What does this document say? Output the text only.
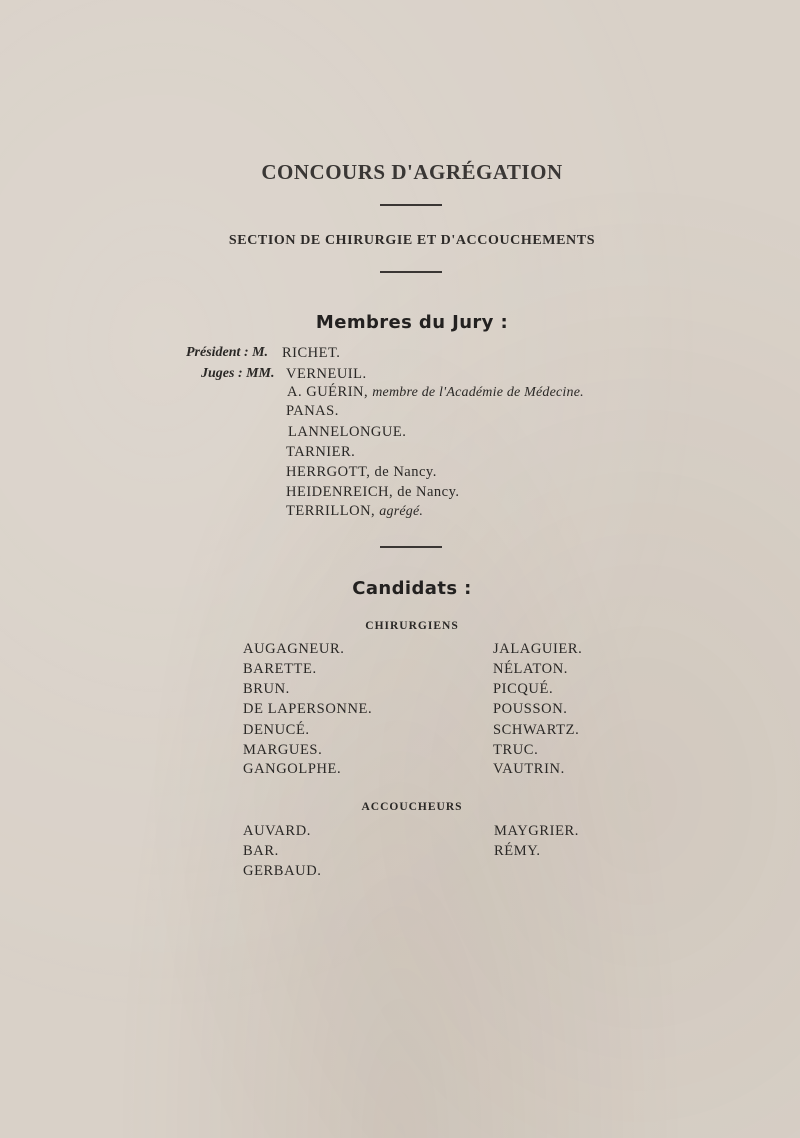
CONCOURS D'AGRÉGATION
SECTION DE CHIRURGIE ET D'ACCOUCHEMENTS
Membres du Jury :
Président : M. RICHET.
Juges : MM. VERNEUIL.
A. GUÉRIN, membre de l'Académie de Médecine.
PANAS.
LANNELONGUE.
TARNIER.
HERRGOTT, de Nancy.
HEIDENREICH, de Nancy.
TERRILLON, agrégé.
Candidats :
CHIRURGIENS
AUGAGNEUR.
BARETTE.
BRUN.
DE LAPERSONNE.
DENUCÉ.
MARGUES.
GANGOLPHE.
JALAGUIER.
NÉLATON.
PICQUÉ.
POUSSON.
SCHWARTZ.
TRUC.
VAUTRIN.
ACCOUCHEURS
AUVARD.
BAR.
GERBAUD.
MAYGRIER.
RÉMY.
